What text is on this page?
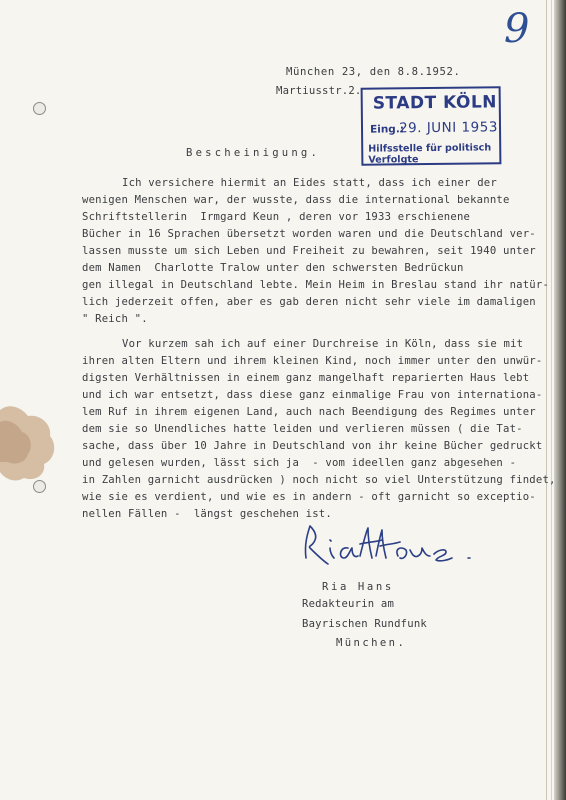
9
München 23, den 8.8.1952.
Martiusstr.2.
STADT KÖLN
Eing.:
29. JUNI 1953
Hilfsstelle für politisch Verfolgte
Bescheinigung.
Ich versichere hiermit an Eides statt, dass ich einer der
wenigen Menschen war, der wusste, dass die international bekannte
Schriftstellerin  Irmgard Keun , deren vor 1933 erschienene
Bücher in 16 Sprachen übersetzt worden waren und die Deutschland ver-
lassen musste um sich Leben und Freiheit zu bewahren, seit 1940 unter
dem Namen  Charlotte Tralow unter den schwersten Bedrückun
gen illegal in Deutschland lebte. Mein Heim in Breslau stand ihr natür-
lich jederzeit offen, aber es gab deren nicht sehr viele im damaligen
" Reich ".
Vor kurzem sah ich auf einer Durchreise in Köln, dass sie mit
ihren alten Eltern und ihrem kleinen Kind, noch immer unter den unwür-
digsten Verhältnissen in einem ganz mangelhaft reparierten Haus lebt
und ich war entsetzt, dass diese ganz einmalige Frau von internationa-
lem Ruf in ihrem eigenen Land, auch nach Beendigung des Regimes unter
dem sie so Unendliches hatte leiden und verlieren müssen ( die Tat-
sache, dass über 10 Jahre in Deutschland von ihr keine Bücher gedruckt
und gelesen wurden, lässt sich ja  - vom ideellen ganz abgesehen -
in Zahlen garnicht ausdrücken ) noch nicht so viel Unterstützung findet,
wie sie es verdient, und wie es in andern - oft garnicht so exceptio-
nellen Fällen -  längst geschehen ist.
Ria Hans
Ria Hans
Redakteurin am
Bayrischen Rundfunk
München.
